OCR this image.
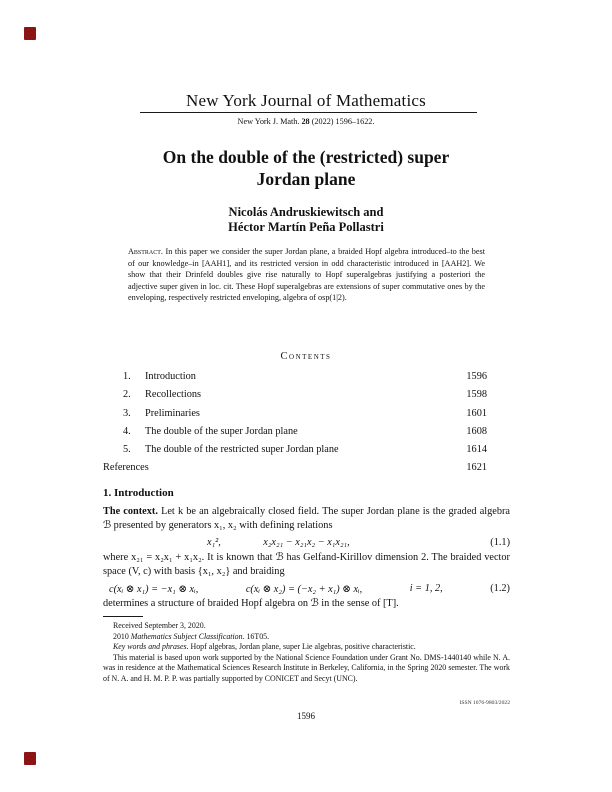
New York Journal of Mathematics
New York J. Math. 28 (2022) 1596–1622.
On the double of the (restricted) super
Jordan plane
Nicolás Andruskiewitsch and
Héctor Martín Peña Pollastri
Abstract. In this paper we consider the super Jordan plane, a braided Hopf algebra introduced–to the best of our knowledge–in [AAH1], and its restricted version in odd characteristic introduced in [AAH2]. We show that their Drinfeld doubles give rise naturally to Hopf superalgebras justifying a posteriori the adjective super given in loc. cit. These Hopf superalgebras are extensions of super commutative ones by the enveloping, respectively restricted enveloping, algebra of osp(1|2).
Contents
1.	Introduction	1596
2.	Recollections	1598
3.	Preliminaries	1601
4.	The double of the super Jordan plane	1608
5.	The double of the restricted super Jordan plane	1614
References	1621
1. Introduction
The context. Let k be an algebraically closed field. The super Jordan plane is the graded algebra ℬ presented by generators x₁, x₂ with defining relations
x₁²,	x₂x₂₁ − x₂₁x₂ − x₁x₂₁,	(1.1)
where x₂₁ = x₂x₁ + x₁x₂. It is known that ℬ has Gelfand-Kirillov dimension 2. The braided vector space (V, c) with basis {x₁, x₂} and braiding
c(xᵢ ⊗ x₁) = −x₁ ⊗ xᵢ,	c(xᵢ ⊗ x₂) = (−x₂ + x₁) ⊗ xᵢ,	i = 1, 2,	(1.2)
determines a structure of braided Hopf algebra on ℬ in the sense of [T].

Received September 3, 2020.

2010 Mathematics Subject Classification. 16T05.

Key words and phrases. Hopf algebras, Jordan plane, super Lie algebras, positive characteristic.

This material is based upon work supported by the National Science Foundation under Grant No. DMS-1440140 while N. A. was in residence at the Mathematical Sciences Research Institute in Berkeley, California, in the Spring 2020 semester. The work of N. A. and H. M. P. P. was partially supported by CONICET and Secyt (UNC).

ISSN 1076-9803/2022
1596
